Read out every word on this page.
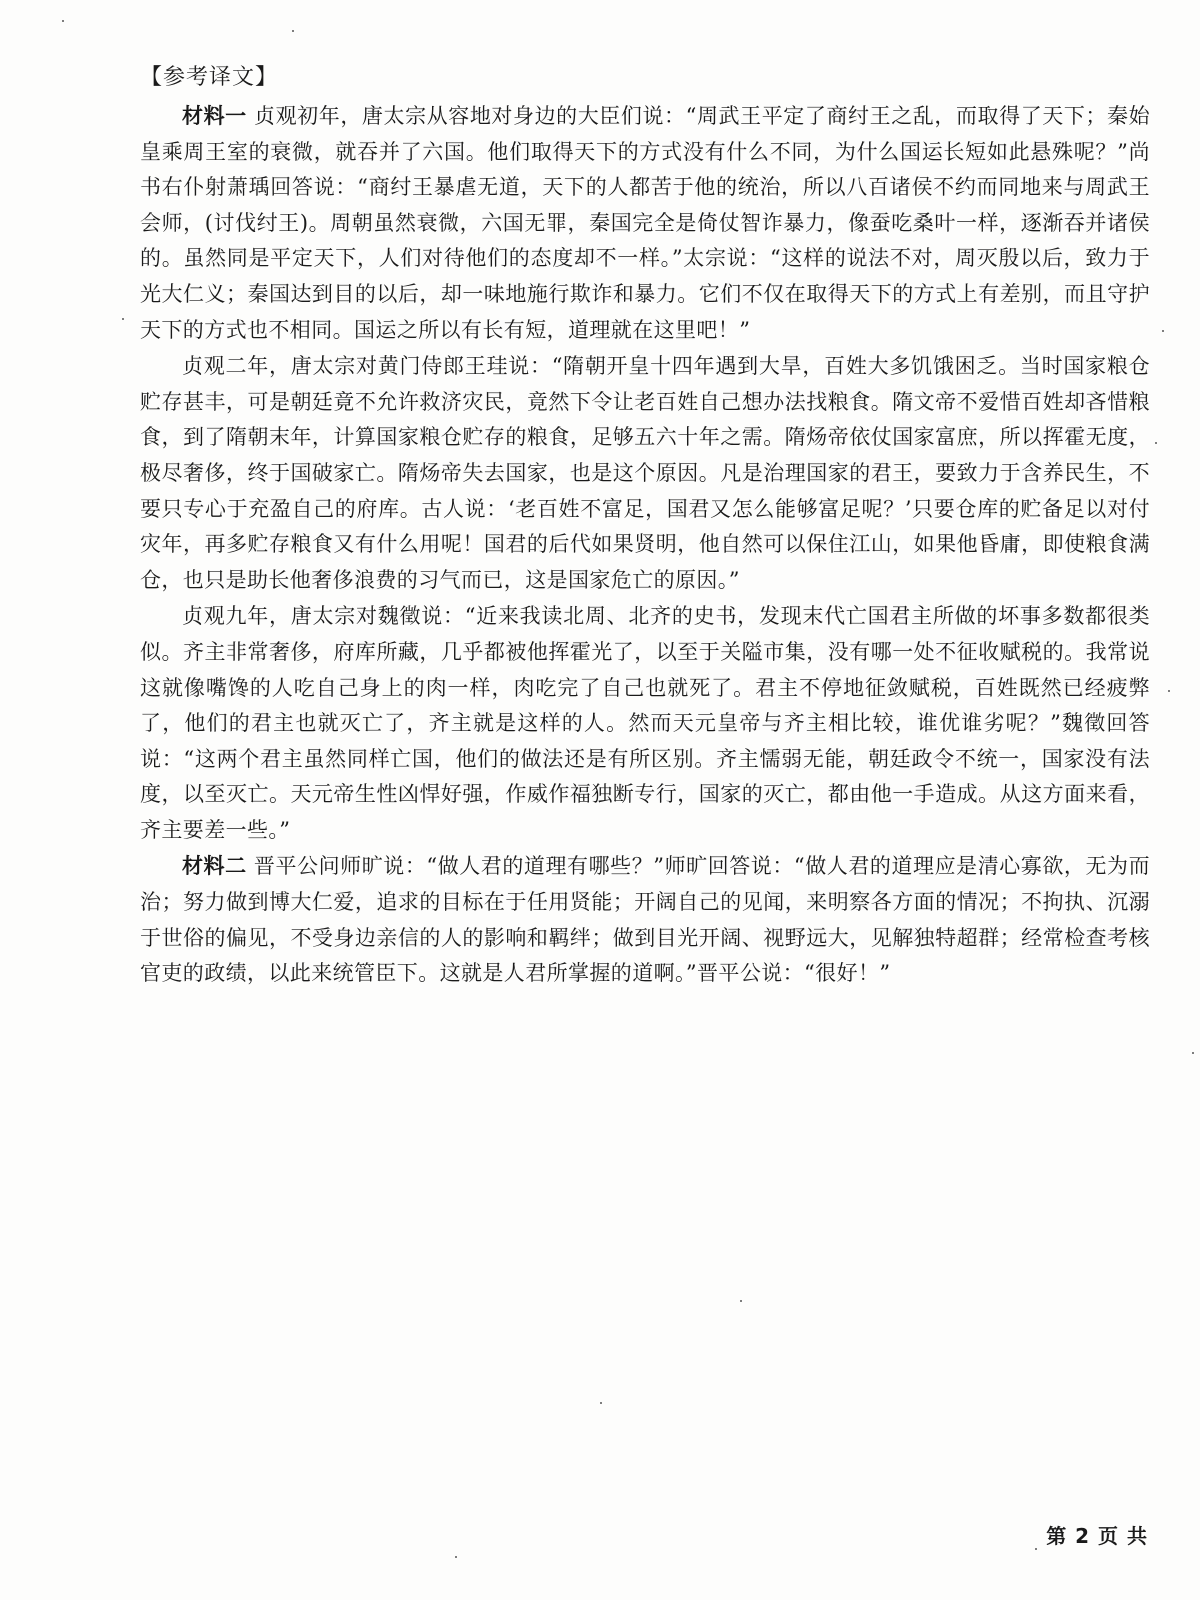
【参考译文】

材料一 贞观初年，唐太宗从容地对身边的大臣们说：“周武王平定了商纣王之乱，而取得了天下；秦始皇乘周王室的衰微，就吞并了六国。他们取得天下的方式没有什么不同，为什么国运长短如此悬殊呢？”尚书右仆射萧瑀回答说：“商纣王暴虐无道，天下的人都苦于他的统治，所以八百诸侯不约而同地来与周武王会师，(讨伐纣王)。周朝虽然衰微，六国无罪，秦国完全是倚仗智诈暴力，像蚕吃桑叶一样，逐渐吞并诸侯的。虽然同是平定天下，人们对待他们的态度却不一样。”太宗说：“这样的说法不对，周灭殷以后，致力于光大仁义；秦国达到目的以后，却一味地施行欺诈和暴力。它们不仅在取得天下的方式上有差别，而且守护天下的方式也不相同。国运之所以有长有短，道理就在这里吧！”

贞观二年，唐太宗对黄门侍郎王珪说：“隋朝开皇十四年遇到大旱，百姓大多饥饿困乏。当时国家粮仓贮存甚丰，可是朝廷竟不允许救济灾民，竟然下令让老百姓自己想办法找粮食。隋文帝不爱惜百姓却吝惜粮食，到了隋朝末年，计算国家粮仓贮存的粮食，足够五六十年之需。隋炀帝依仗国家富庶，所以挥霍无度，极尽奢侈，终于国破家亡。隋炀帝失去国家，也是这个原因。凡是治理国家的君王，要致力于含养民生，不要只专心于充盈自己的府库。古人说：‘老百姓不富足，国君又怎么能够富足呢？’只要仓库的贮备足以对付灾年，再多贮存粮食又有什么用呢！国君的后代如果贤明，他自然可以保住江山，如果他昏庸，即使粮食满仓，也只是助长他奢侈浪费的习气而已，这是国家危亡的原因。”

贞观九年，唐太宗对魏徵说：“近来我读北周、北齐的史书，发现末代亡国君主所做的坏事多数都很类似。齐主非常奢侈，府库所藏，几乎都被他挥霍光了，以至于关隘市集，没有哪一处不征收赋税的。我常说这就像嘴馋的人吃自己身上的肉一样，肉吃完了自己也就死了。君主不停地征敛赋税，百姓既然已经疲弊了，他们的君主也就灭亡了，齐主就是这样的人。然而天元皇帝与齐主相比较，谁优谁劣呢？”魏徵回答说：“这两个君主虽然同样亡国，他们的做法还是有所区别。齐主懦弱无能，朝廷政令不统一，国家没有法度，以至灭亡。天元帝生性凶悍好强，作威作福独断专行，国家的灭亡，都由他一手造成。从这方面来看，齐主要差一些。”

材料二 晋平公问师旷说：“做人君的道理有哪些？”师旷回答说：“做人君的道理应是清心寡欲，无为而治；努力做到博大仁爱，追求的目标在于任用贤能；开阔自己的见闻，来明察各方面的情况；不拘执、沉溺于世俗的偏见，不受身边亲信的人的影响和羁绊；做到目光开阔、视野远大，见解独特超群；经常检查考核官吏的政绩，以此来统管臣下。这就是人君所掌握的道啊。”晋平公说：“很好！”

第 2 页 共
